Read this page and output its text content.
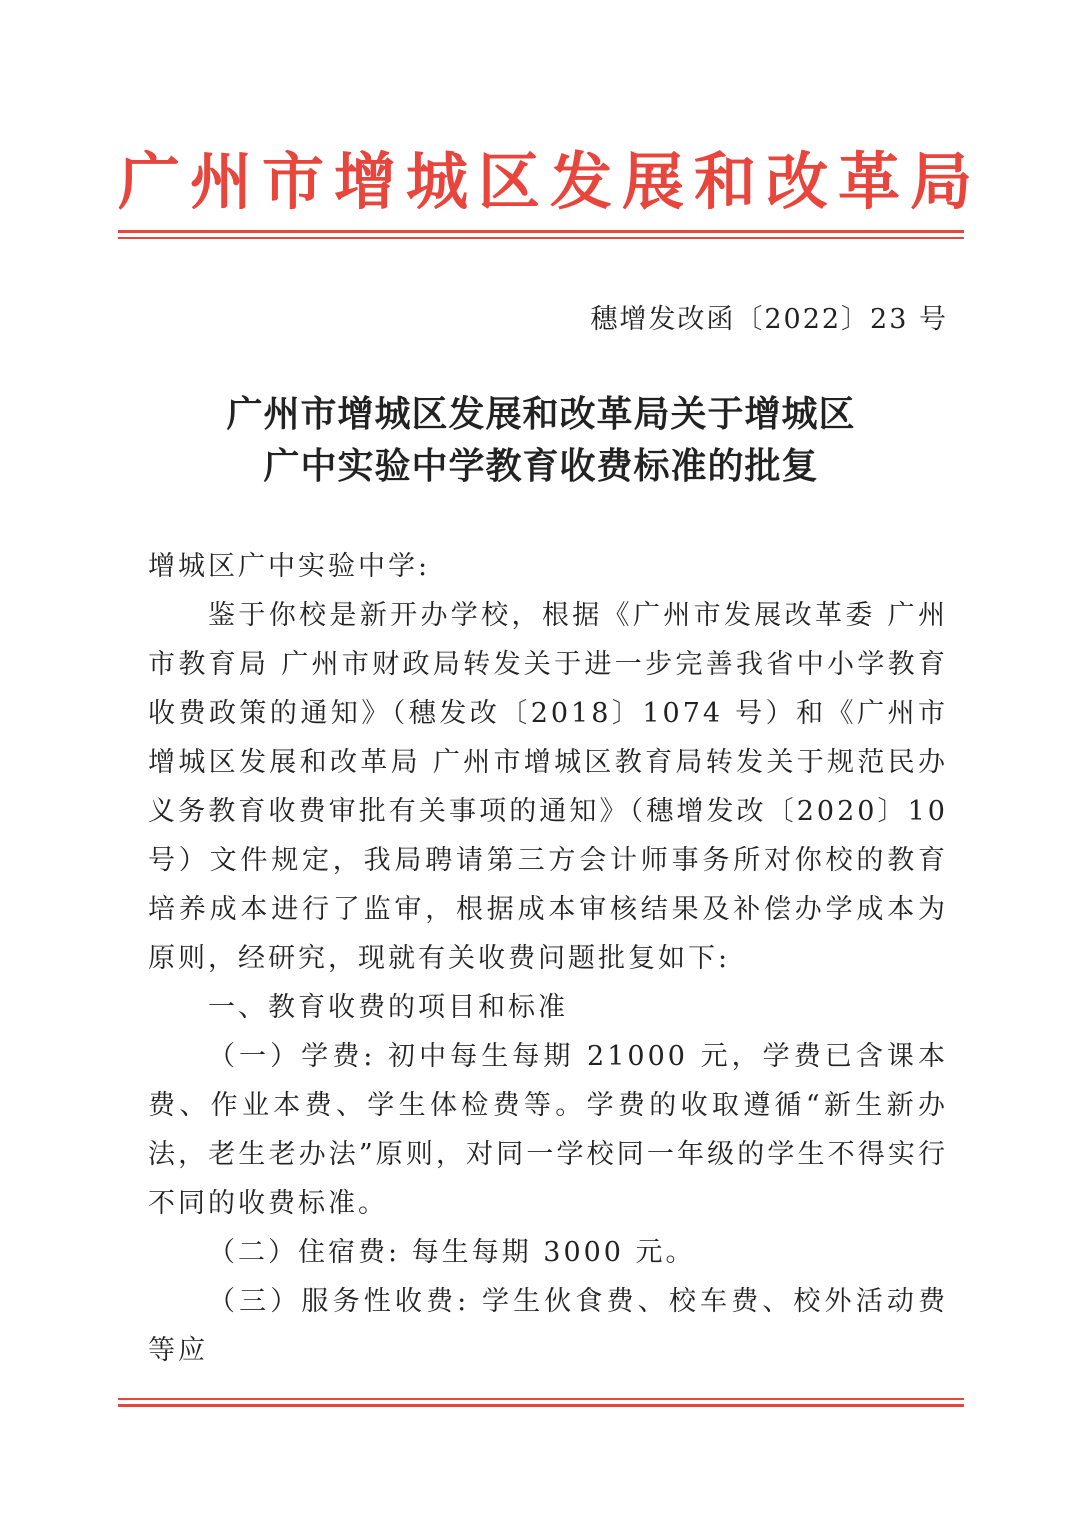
广州市增城区发展和改革局
穗增发改函〔2022〕23 号
广州市增城区发展和改革局关于增城区
广中实验中学教育收费标准的批复

增城区广中实验中学:

鉴于你校是新开办学校，根据《广州市发展改革委 广州市教育局 广州市财政局转发关于进一步完善我省中小学教育收费政策的通知》（穗发改〔2018〕1074 号）和《广州市增城区发展和改革局 广州市增城区教育局转发关于规范民办义务教育收费审批有关事项的通知》（穗增发改〔2020〕10 号）文件规定，我局聘请第三方会计师事务所对你校的教育培养成本进行了监审，根据成本审核结果及补偿办学成本为原则，经研究，现就有关收费问题批复如下:

一、教育收费的项目和标准

（一）学费: 初中每生每期 21000 元，学费已含课本费、作业本费、学生体检费等。学费的收取遵循“新生新办法，老生老办法”原则，对同一学校同一年级的学生不得实行不同的收费标准。

（二）住宿费: 每生每期 3000 元。

（三）服务性收费: 学生伙食费、校车费、校外活动费等应
